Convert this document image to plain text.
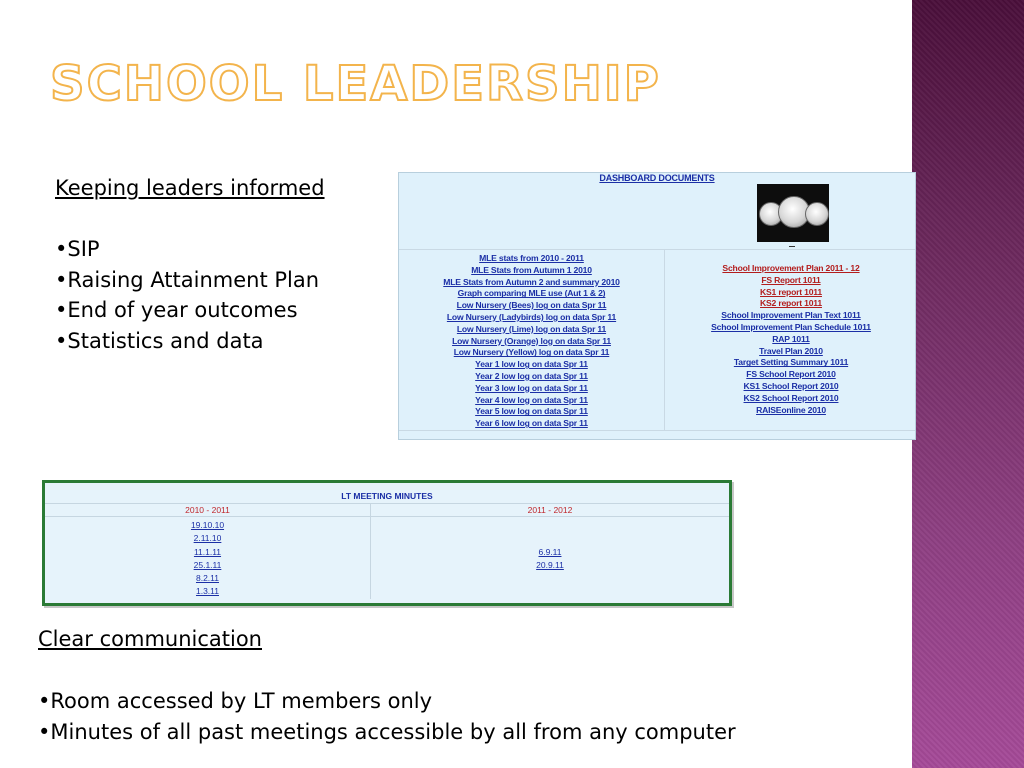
SCHOOL LEADERSHIP
Keeping leaders informed
• SIP
• Raising Attainment Plan
• End of year outcomes
• Statistics and data
DASHBOARD DOCUMENTS
MLE stats from 2010 - 2011
MLE Stats from Autumn 1 2010
MLE Stats from Autumn 2 and summary 2010
Graph comparing MLE use (Aut 1 & 2)
Low Nursery (Bees) log on data Spr 11
Low Nursery (Ladybirds) log on data Spr 11
Low Nursery (Lime) log on data Spr 11
Low Nursery (Orange) log on data Spr 11
Low Nursery (Yellow) log on data Spr 11
Year 1 low log on data Spr 11
Year 2 low log on data Spr 11
Year 3 low log on data Spr 11
Year 4 low log on data Spr 11
Year 5 low log on data Spr 11
Year 6 low log on data Spr 11
School Improvement Plan 2011 - 12
FS Report 1011
KS1 report 1011
KS2 report 1011
School Improvement Plan Text 1011
School Improvement Plan Schedule 1011
RAP 1011
Travel Plan 2010
Target Setting Summary 1011
FS School Report 2010
KS1 School Report 2010
KS2 School Report 2010
RAISEonline 2010
LT MEETING MINUTES
2010 - 2011	2011 - 2012
19.10.10
2.11.10
11.1.11
25.1.11
8.2.11
1.3.11
6.9.11
20.9.11
Clear communication
• Room accessed by LT members only
• Minutes of all past meetings accessible by all from any computer
